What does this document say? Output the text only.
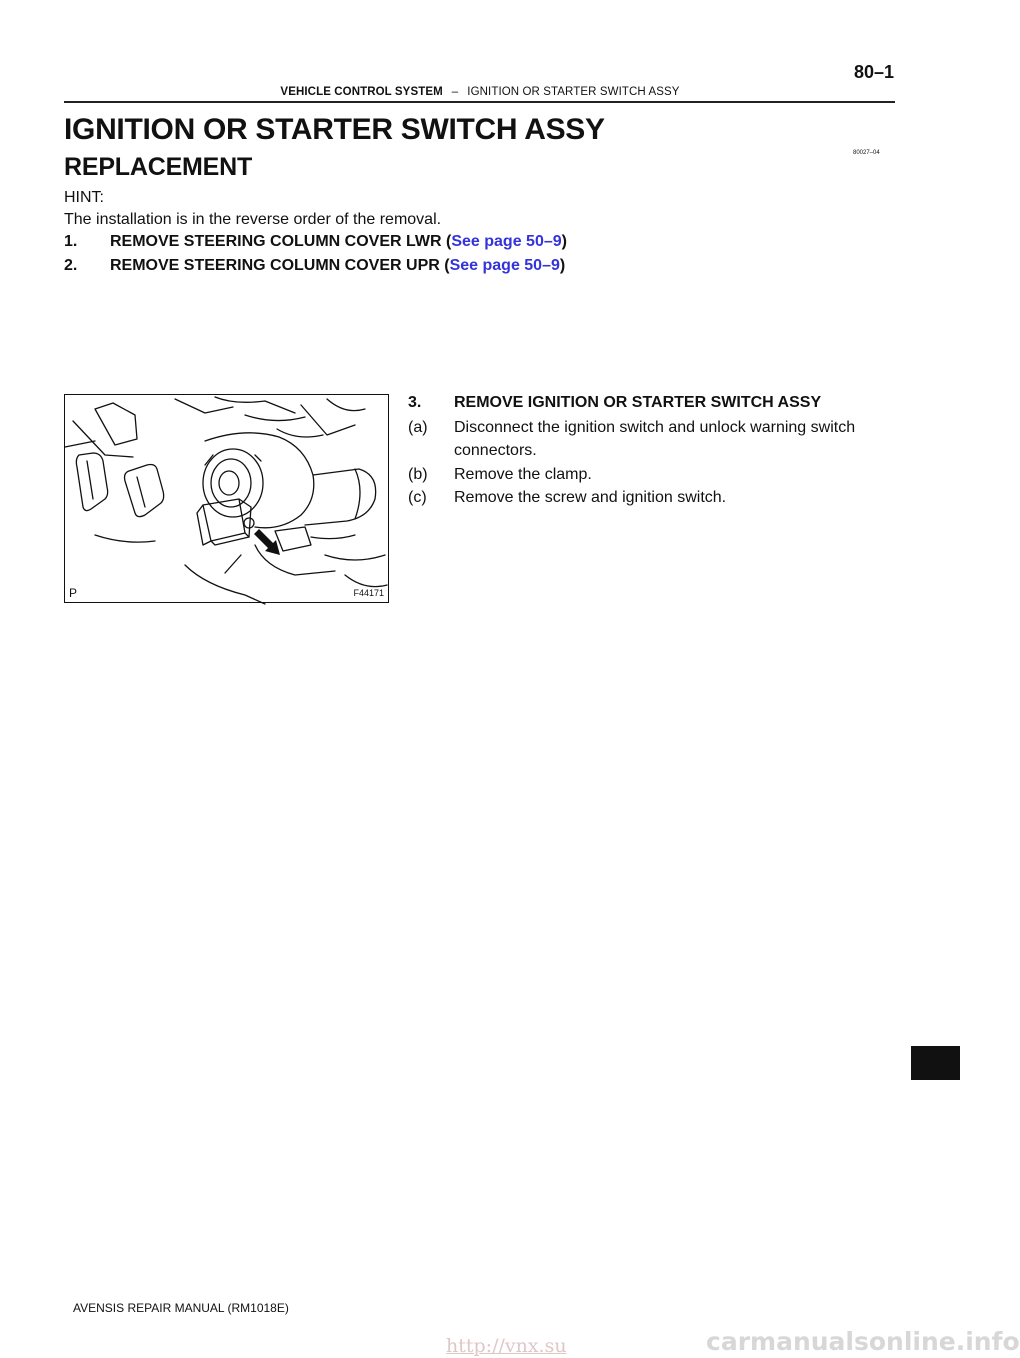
VEHICLE CONTROL SYSTEM – IGNITION OR STARTER SWITCH ASSY
80–1
IGNITION OR STARTER SWITCH ASSY
80027–04
REPLACEMENT
HINT:
The installation is in the reverse order of the removal.
1. REMOVE STEERING COLUMN COVER LWR (See page 50–9)
2. REMOVE STEERING COLUMN COVER UPR (See page 50–9)
P	F44171
3. REMOVE IGNITION OR STARTER SWITCH ASSY
(a) Disconnect the ignition switch and unlock warning switch connectors.
(b) Remove the clamp.
(c) Remove the screw and ignition switch.
AVENSIS REPAIR MANUAL (RM1018E)
http://vnx.su	carmanualsonline.info
